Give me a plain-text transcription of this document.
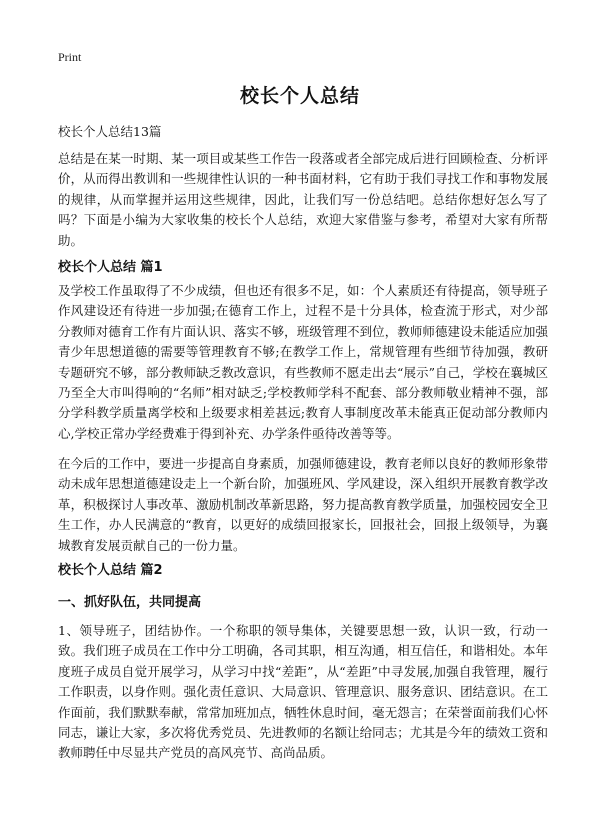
Print
校长个人总结

校长个人总结13篇

总结是在某一时期、某一项目或某些工作告一段落或者全部完成后进行回顾检查、分析评价，从而得出教训和一些规律性认识的一种书面材料，它有助于我们寻找工作和事物发展的规律，从而掌握并运用这些规律，因此，让我们写一份总结吧。总结你想好怎么写了吗？下面是小编为大家收集的校长个人总结，欢迎大家借鉴与参考，希望对大家有所帮助。

校长个人总结 篇1

及学校工作虽取得了不少成绩，但也还有很多不足，如：个人素质还有待提高，领导班子作风建设还有待进一步加强;在德育工作上，过程不是十分具体，检查流于形式，对少部分教师对德育工作有片面认识、落实不够，班级管理不到位，教师师德建设未能适应加强青少年思想道德的需要等管理教育不够;在教学工作上，常规管理有些细节待加强，教研专题研究不够，部分教师缺乏教改意识，有些教师不愿走出去“展示”自己，学校在襄城区乃至全大市叫得响的“名师”相对缺乏;学校教师学科不配套、部分教师敬业精神不强，部分学科教学质量离学校和上级要求相差甚远;教育人事制度改革未能真正促动部分教师内心,学校正常办学经费难于得到补充、办学条件亟待改善等等。

在今后的工作中，要进一步提高自身素质，加强师德建设，教育老师以良好的教师形象带动未成年思想道德建设走上一个新台阶，加强班风、学风建设，深入组织开展教育教学改革，积极探讨人事改革、激励机制改革新思路，努力提高教育教学质量，加强校园安全卫生工作，办人民满意的“教育，以更好的成绩回报家长，回报社会，回报上级领导，为襄城教育发展贡献自己的一份力量。

校长个人总结 篇2
一、抓好队伍，共同提高

1、领导班子，团结协作。一个称职的领导集体，关键要思想一致，认识一致，行动一致。我们班子成员在工作中分工明确，各司其职，相互沟通，相互信任，和谐相处。本年度班子成员自觉开展学习，从学习中找“差距”，从“差距”中寻发展,加强自我管理，履行工作职责，以身作则。强化责任意识、大局意识、管理意识、服务意识、团结意识。在工作面前，我们默默奉献，常常加班加点，牺牲休息时间，毫无怨言；在荣誉面前我们心怀同志，谦让大家，多次将优秀党员、先进教师的名额让给同志；尤其是今年的绩效工资和教师聘任中尽显共产党员的高风亮节、高尚品质。
